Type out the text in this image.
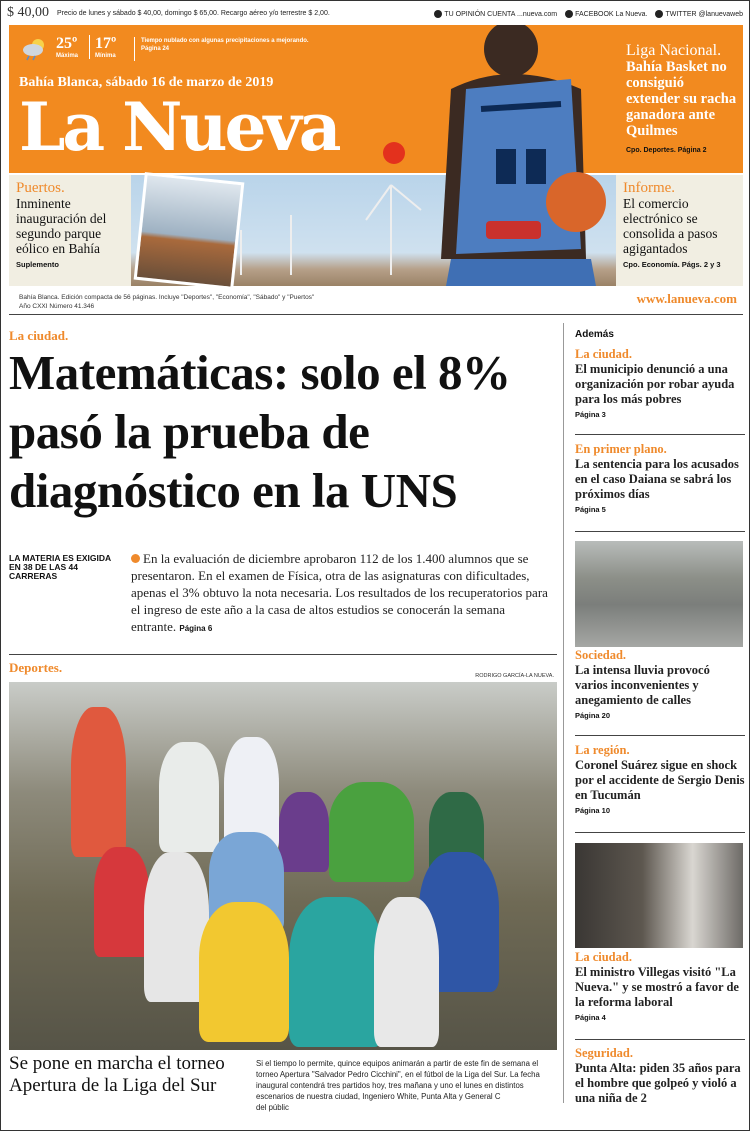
$ 40,00 Precio de lunes y sábado $ 40,00, domingo $ 65,00. Recargo aéreo y/o terrestre $ 2,00.	TU OPINIÓN CUENTA ...nueva.com	FACEBOOK La Nueva.	TWITTER @lanuevaweb
25º
Máxima
17º
Mínima
Tiempo nublado con algunas precipitaciones a mejorando. Página 24
Bahía Blanca, sábado 16 de marzo de 2019
La Nueva
Liga Nacional.
Bahía Basket no consiguió extender su racha ganadora ante Quilmes
Cpo. Deportes. Página 2
Puertos.
Inminente inauguración del segundo parque eólico en Bahía
Suplemento
Informe.
El comercio electrónico se consolida a pasos agigantados
Cpo. Economía. Págs. 2 y 3
Bahía Blanca. Edición compacta de 56 páginas. Incluye "Deportes", "Economía", "Sábado" y "Puertos"
Año CXXI Número 41.346
www.lanueva.com
La ciudad.
Matemáticas: solo el 8% pasó la prueba de diagnóstico en la UNS
LA MATERIA ES EXIGIDA EN 38 DE LAS 44 CARRERAS
En la evaluación de diciembre aprobaron 112 de los 1.400 alumnos que se presentaron. En el examen de Física, otra de las asignaturas con dificultades, apenas el 3% obtuvo la nota necesaria. Los resultados de los recuperatorios para el ingreso de este año a la casa de altos estudios se conocerán la semana entrante. Página 6
Deportes.
RODRIGO GARCÍA-LA NUEVA.
Se pone en marcha el torneo Apertura de la Liga del Sur
Si el tiempo lo permite, quince equipos animarán a partir de este fin de semana el torneo Apertura "Salvador Pedro Cicchini", en el fútbol de la Liga del Sur. La fecha inaugural contendrá tres partidos hoy, tres mañana y uno el lunes en distintos escenarios de nuestra ciudad, Ingeniero White, Punta Alta y General C
del públic
Además
La ciudad.
El municipio denunció a una organización por robar ayuda para los más pobres
Página 3
En primer plano.
La sentencia para los acusados en el caso Daiana se sabrá los próximos días
Página 5
Sociedad.
La intensa lluvia provocó varios inconvenientes y anegamiento de calles
Página 20
La región.
Coronel Suárez sigue en shock por el accidente de Sergio Denis en Tucumán
Página 10
La ciudad.
El ministro Villegas visitó "La Nueva." y se mostró a favor de la reforma laboral
Página 4
Seguridad.
Punta Alta: piden 35 años para el hombre que golpeó y violó a una niña de 2
